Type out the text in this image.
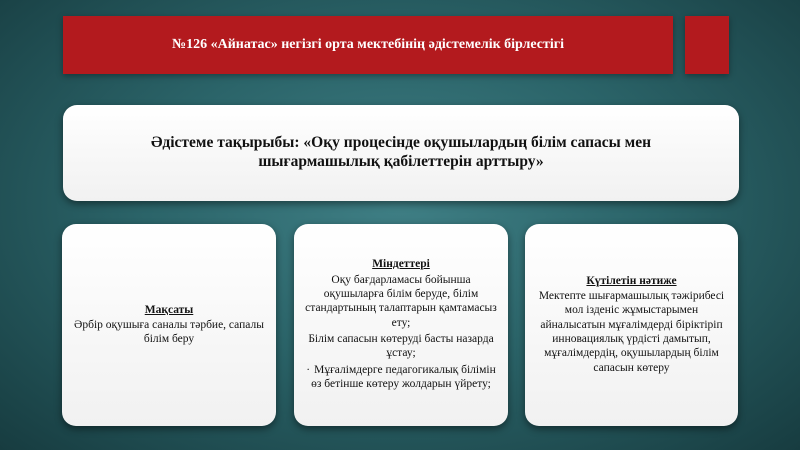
№126 «Айнатас» негізгі орта мектебінің әдістемелік бірлестігі
Әдістеме тақырыбы: «Оқу процесінде оқушылардың білім сапасы мен шығармашылық қабілеттерін арттыру»
Мақсаты
Әрбір оқушыға саналы тәрбие, сапалы білім беру
Міндеттері
Оқу бағдарламасы бойынша оқушыларға білім беруде, білім стандартының талаптарын қамтамасыз ету;
Білім сапасын көтеруді басты назарда ұстау;
· Мұғалімдерге педагогикалық білімін өз бетінше көтеру жолдарын үйрету;
Күтілетін нәтиже
Мектепте шығармашылық тәжірибесі мол ізденіс жұмыстарымен айналысатын мұғалімдерді біріктіріп инновациялық үрдісті дамытып, мұғалімдердің, оқушылардың білім сапасын көтеру
